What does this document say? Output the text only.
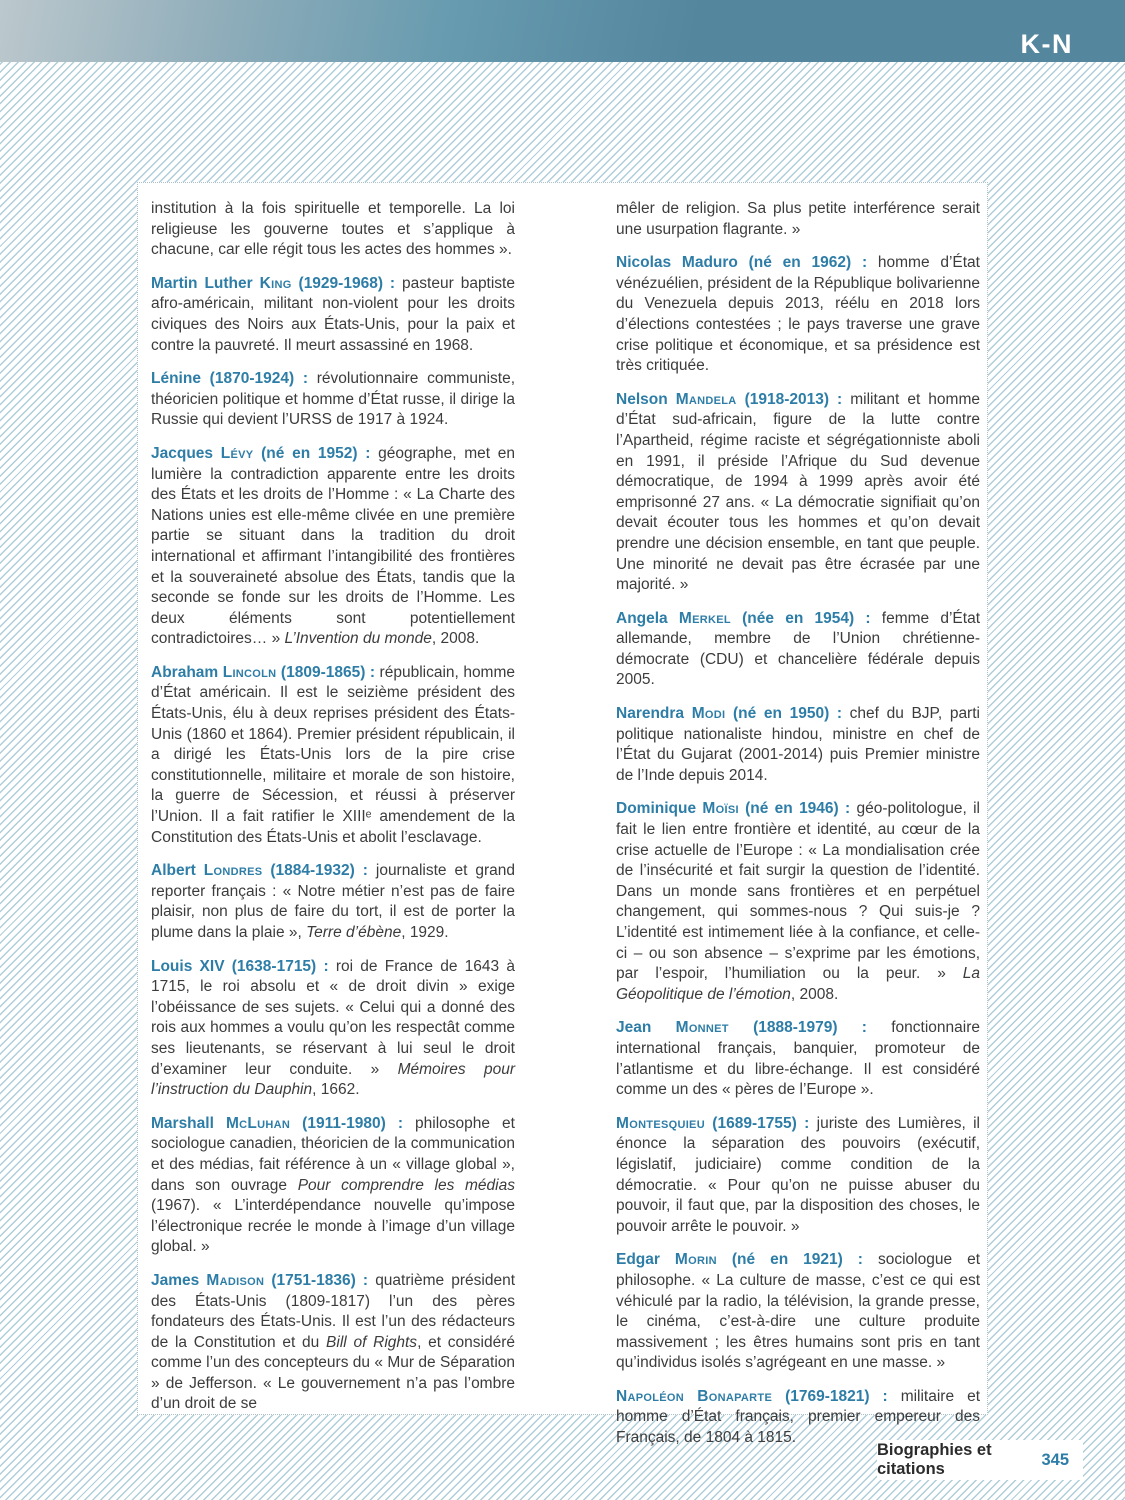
K-N

institution à la fois spirituelle et temporelle. La loi religieuse les gouverne toutes et s’applique à chacune, car elle régit tous les actes des hommes ».

Martin Luther King (1929-1968) : pasteur baptiste afro-américain, militant non-violent pour les droits civiques des Noirs aux États-Unis, pour la paix et contre la pauvreté. Il meurt assassiné en 1968.

Lénine (1870-1924) : révolutionnaire communiste, théoricien politique et homme d’État russe, il dirige la Russie qui devient l’URSS de 1917 à 1924.

Jacques Lévy (né en 1952) : géographe, met en lumière la contradiction apparente entre les droits des États et les droits de l’Homme : « La Charte des Nations unies est elle-même clivée en une première partie se situant dans la tradition du droit international et affirmant l’intangibilité des frontières et la souveraineté absolue des États, tandis que la seconde se fonde sur les droits de l’Homme. Les deux éléments sont potentiellement contradictoires… » L’Invention du monde, 2008.

Abraham Lincoln (1809-1865) : républicain, homme d’État américain. Il est le seizième président des États-Unis, élu à deux reprises président des États-Unis (1860 et 1864). Premier président républicain, il a dirigé les États-Unis lors de la pire crise constitutionnelle, militaire et morale de son histoire, la guerre de Sécession, et réussi à préserver l’Union. Il a fait ratifier le XIIIᵉ amendement de la Constitution des États-Unis et abolit l’esclavage.

Albert Londres (1884-1932) : journaliste et grand reporter français : « Notre métier n’est pas de faire plaisir, non plus de faire du tort, il est de porter la plume dans la plaie », Terre d’ébène, 1929.

Louis XIV (1638-1715) : roi de France de 1643 à 1715, le roi absolu et « de droit divin » exige l’obéissance de ses sujets. « Celui qui a donné des rois aux hommes a voulu qu’on les respectât comme ses lieutenants, se réservant à lui seul le droit d’examiner leur conduite. » Mémoires pour l’instruction du Dauphin, 1662.

Marshall McLuhan (1911-1980) : philosophe et sociologue canadien, théoricien de la communication et des médias, fait référence à un « village global », dans son ouvrage Pour comprendre les médias (1967). « L’interdépendance nouvelle qu’impose l’électronique recrée le monde à l’image d’un village global. »

James Madison (1751-1836) : quatrième président des États-Unis (1809-1817) l’un des pères fondateurs des États-Unis. Il est l’un des rédacteurs de la Constitution et du Bill of Rights, et considéré comme l’un des concepteurs du « Mur de Séparation » de Jefferson. « Le gouvernement n’a pas l’ombre d’un droit de se

mêler de religion. Sa plus petite interférence serait une usurpation flagrante. »

Nicolas Maduro (né en 1962) : homme d’État vénézuélien, président de la République bolivarienne du Venezuela depuis 2013, réélu en 2018 lors d’élections contestées ; le pays traverse une grave crise politique et économique, et sa présidence est très critiquée.

Nelson Mandela (1918-2013) : militant et homme d’État sud-africain, figure de la lutte contre l’Apartheid, régime raciste et ségrégationniste aboli en 1991, il préside l’Afrique du Sud devenue démocratique, de 1994 à 1999 après avoir été emprisonné 27 ans. « La démocratie signifiait qu’on devait écouter tous les hommes et qu’on devait prendre une décision ensemble, en tant que peuple. Une minorité ne devait pas être écrasée par une majorité. »

Angela Merkel (née en 1954) : femme d’État allemande, membre de l’Union chrétienne-démocrate (CDU) et chancelière fédérale depuis 2005.

Narendra Modi (né en 1950) : chef du BJP, parti politique nationaliste hindou, ministre en chef de l’État du Gujarat (2001-2014) puis Premier ministre de l’Inde depuis 2014.

Dominique Moïsi (né en 1946) : géo-politologue, il fait le lien entre frontière et identité, au cœur de la crise actuelle de l’Europe : « La mondialisation crée de l’insécurité et fait surgir la question de l’identité. Dans un monde sans frontières et en perpétuel changement, qui sommes-nous ? Qui suis-je ? L’identité est intimement liée à la confiance, et celle-ci – ou son absence – s’exprime par les émotions, par l’espoir, l’humiliation ou la peur. » La Géopolitique de l’émotion, 2008.

Jean Monnet (1888-1979) : fonctionnaire international français, banquier, promoteur de l’atlantisme et du libre-échange. Il est considéré comme un des « pères de l’Europe ».

Montesquieu (1689-1755) : juriste des Lumières, il énonce la séparation des pouvoirs (exécutif, législatif, judiciaire) comme condition de la démocratie. « Pour qu’on ne puisse abuser du pouvoir, il faut que, par la disposition des choses, le pouvoir arrête le pouvoir. »

Edgar Morin (né en 1921) : sociologue et philosophe. « La culture de masse, c’est ce qui est véhiculé par la radio, la télévision, la grande presse, le cinéma, c’est-à-dire une culture produite massivement ; les êtres humains sont pris en tant qu’individus isolés s’agrégeant en une masse. »

Napoléon Bonaparte (1769-1821) : militaire et homme d’État français, premier empereur des Français, de 1804 à 1815.

Biographies et citations
345
